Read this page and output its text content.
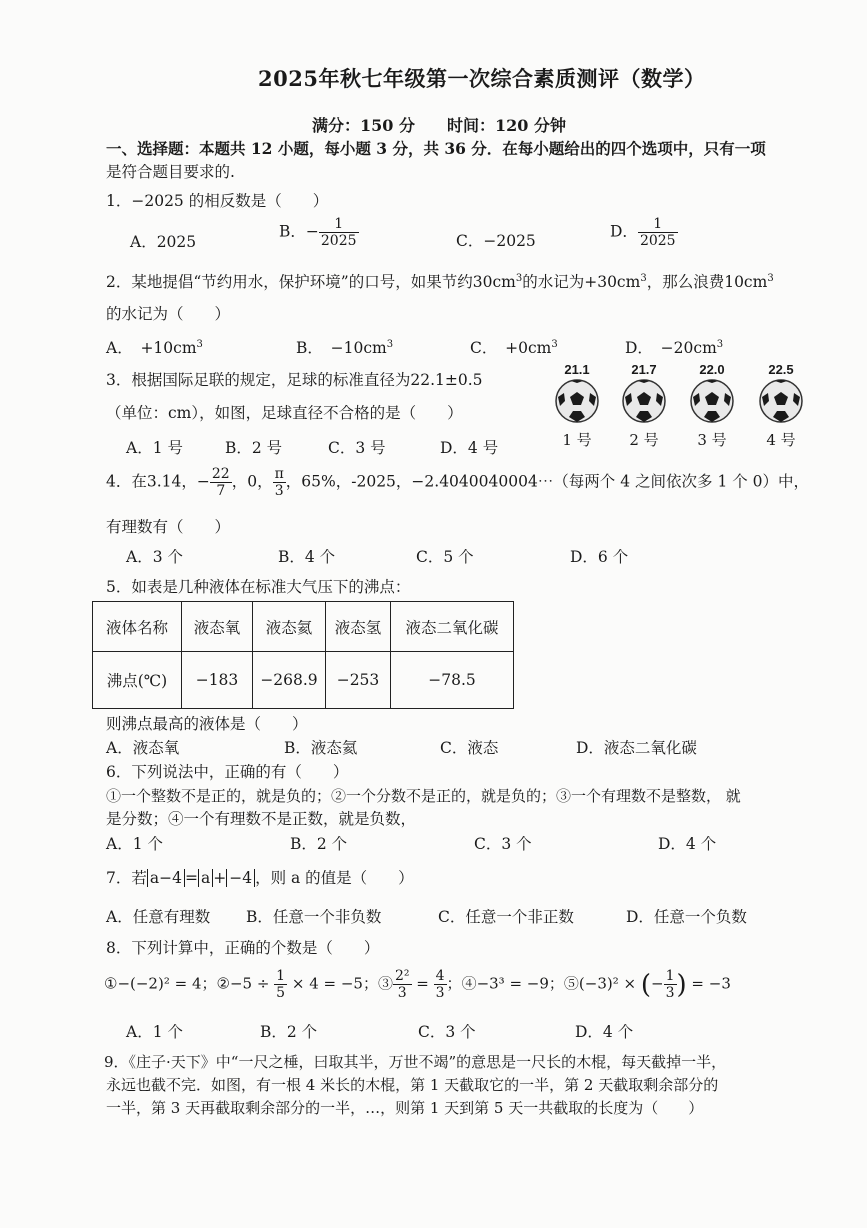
2025年秋七年级第一次综合素质测评（数学）
满分：150 分　　时间：120 分钟
一、选择题：本题共 12 小题，每小题 3 分，共 36 分．在每小题给出的四个选项中，只有一项
是符合题目要求的.
1．−2025 的相反数是（　　）
A．2025
B．− $\frac{1}{2025}$	C．−2025
D． $\frac{1}{2025}$
2．某地提倡“节约用水，保护环境”的口号，如果节约$30cm^3$的水记为$+30cm^3$，那么浪费$10cm^3$
的水记为（　　）
A．　$+10cm^3$	B．　$-10cm^3$	C．　$+0cm^3$	D．　$-20cm^3$
3．根据国际足联的规定，足球的标准直径为22.1±0.5
（单位：cm），如图，足球直径不合格的是（　　）
A．1 号	B．2 号	C．3 号	D．4 号
21.1
1 号
21.7
2 号
22.0
3 号
22.5
4 号
4．在3.14，− $\frac{22}{7}$ ，0， $\frac{\pi}{3}$ ，65%，-2025，−2.4040040004⋯（每两个 4 之间依次多 1 个 0）中，
有理数有（　　）
A．3 个	B．4 个	C．5 个	D．6 个
5．如表是几种液体在标准大气压下的沸点：
液体名称	液态氧	液态氦	液态氢	液态二氧化碳
沸点(℃)	−183	−268.9	−253	−78.5
则沸点最高的液体是（　　）
A．液态氧	B．液态氦	C．液态	D．液态二氧化碳
6．下列说法中，正确的有（　　）
①一个整数不是正的，就是负的；②一个分数不是正的，就是负的；③一个有理数不是整数， 就
是分数；④一个有理数不是正数，就是负数，
A．1 个	B．2 个	C．3 个	D．4 个
7．若 a−4 = a + −4 ，则 a 的值是（　　）
A．任意有理数 B．任意一个非负数	C．任意一个非正数	D．任意一个负数
8．下列计算中，正确的个数是（　　）
①−(−2)² = 4；②−5 ÷ $\frac{1}{5} \times 4 = -5$；③ $\frac{\text{2²}}{3} = \frac{4}{3}$ ；④−3³ = −9；⑤(−3)² × (− $\frac{1}{3}$ ) = −3
A．1 个	B．2 个	C．3 个	D．4 个
9．《庄子·天下》中“一尺之棰，曰取其半，万世不竭”的意思是一尺长的木棍，每天截掉一半，
永远也截不完．如图，有一根 4 米长的木棍，第 1 天截取它的一半，第 2 天截取剩余部分的
一半，第 3 天再截取剩余部分的一半，…，则第 1 天到第 5 天一共截取的长度为（　　）
